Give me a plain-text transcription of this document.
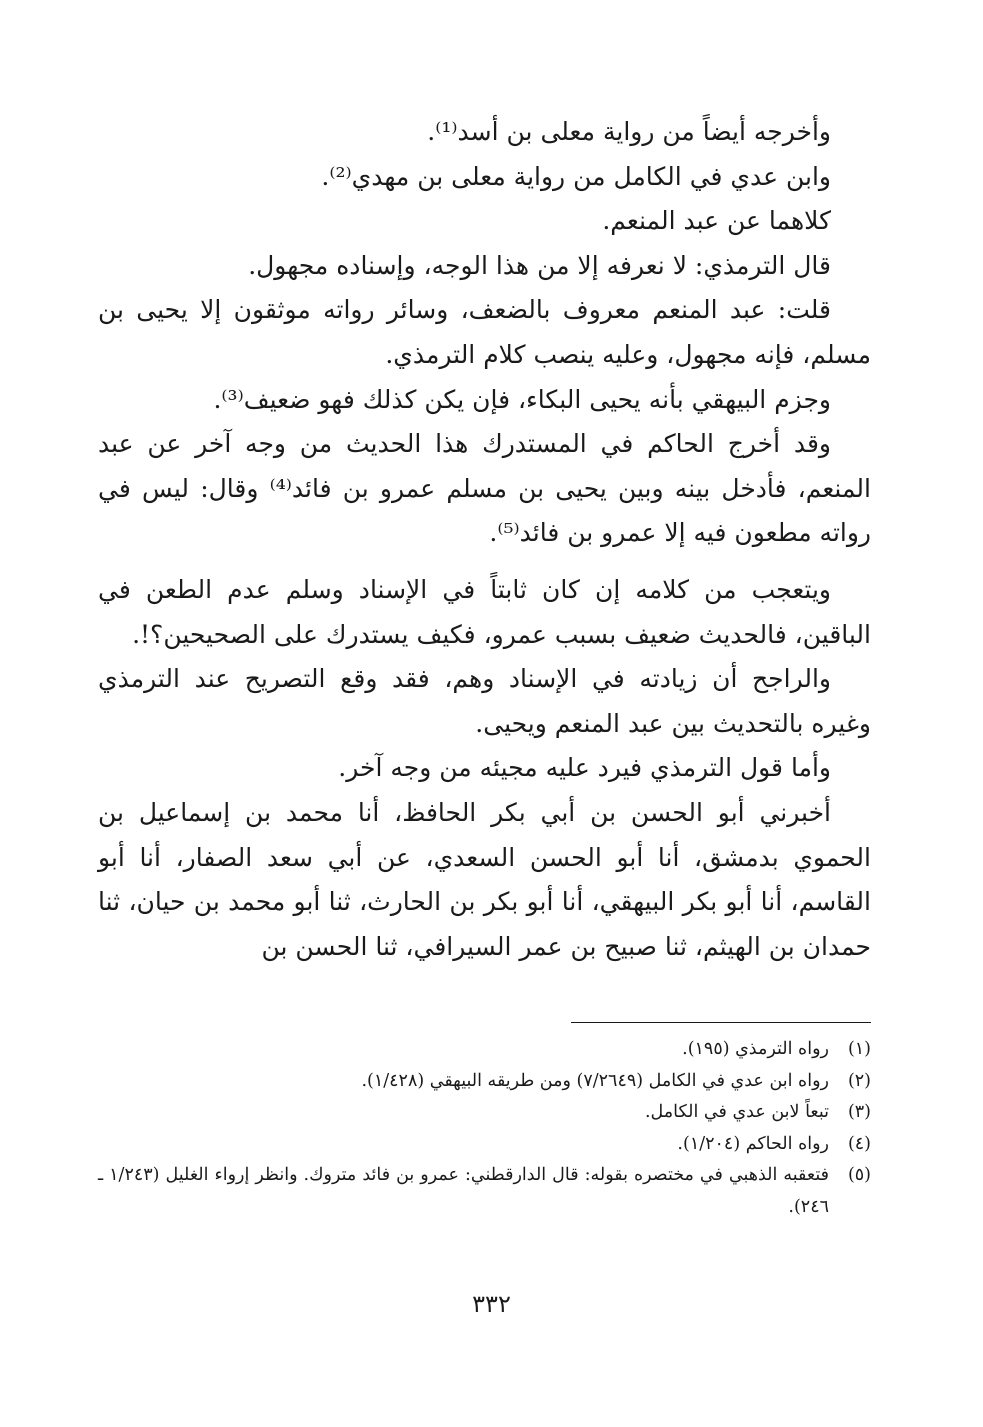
وأخرجه أيضاً من رواية معلى بن أسد⁽¹⁾.

وابن عدي في الكامل من رواية معلى بن مهدي⁽²⁾.

كلاهما عن عبد المنعم.

قال الترمذي: لا نعرفه إلا من هذا الوجه، وإسناده مجهول.

قلت: عبد المنعم معروف بالضعف، وسائر رواته موثقون إلا يحيى بن مسلم، فإنه مجهول، وعليه ينصب كلام الترمذي.

وجزم البيهقي بأنه يحيى البكاء، فإن يكن كذلك فهو ضعيف⁽³⁾.

وقد أخرج الحاكم في المستدرك هذا الحديث من وجه آخر عن عبد المنعم، فأدخل بينه وبين يحيى بن مسلم عمرو بن فائد⁽⁴⁾ وقال: ليس في رواته مطعون فيه إلا عمرو بن فائد⁽⁵⁾.

ويتعجب من كلامه إن كان ثابتاً في الإسناد وسلم عدم الطعن في الباقين، فالحديث ضعيف بسبب عمرو، فكيف يستدرك على الصحيحين؟!.

والراجح أن زيادته في الإسناد وهم، فقد وقع التصريح عند الترمذي وغيره بالتحديث بين عبد المنعم ويحيى.

وأما قول الترمذي فيرد عليه مجيئه من وجه آخر.

أخبرني أبو الحسن بن أبي بكر الحافظ، أنا محمد بن إسماعيل بن الحموي بدمشق، أنا أبو الحسن السعدي، عن أبي سعد الصفار، أنا أبو القاسم، أنا أبو بكر البيهقي، أنا أبو بكر بن الحارث، ثنا أبو محمد بن حيان، ثنا حمدان بن الهيثم، ثنا صبيح بن عمر السيرافي، ثنا الحسن بن

(١)
رواه الترمذي (١٩٥).
(٢)
رواه ابن عدي في الكامل (٧/٢٦٤٩) ومن طريقه البيهقي (١/٤٢٨).
(٣)
تبعاً لابن عدي في الكامل.
(٤)
رواه الحاكم (١/٢٠٤).
(٥)
فتعقبه الذهبي في مختصره بقوله: قال الدارقطني: عمرو بن فائد متروك. وانظر إرواء الغليل (١/٢٤٣ ـ ٢٤٦).
٣٣٢
